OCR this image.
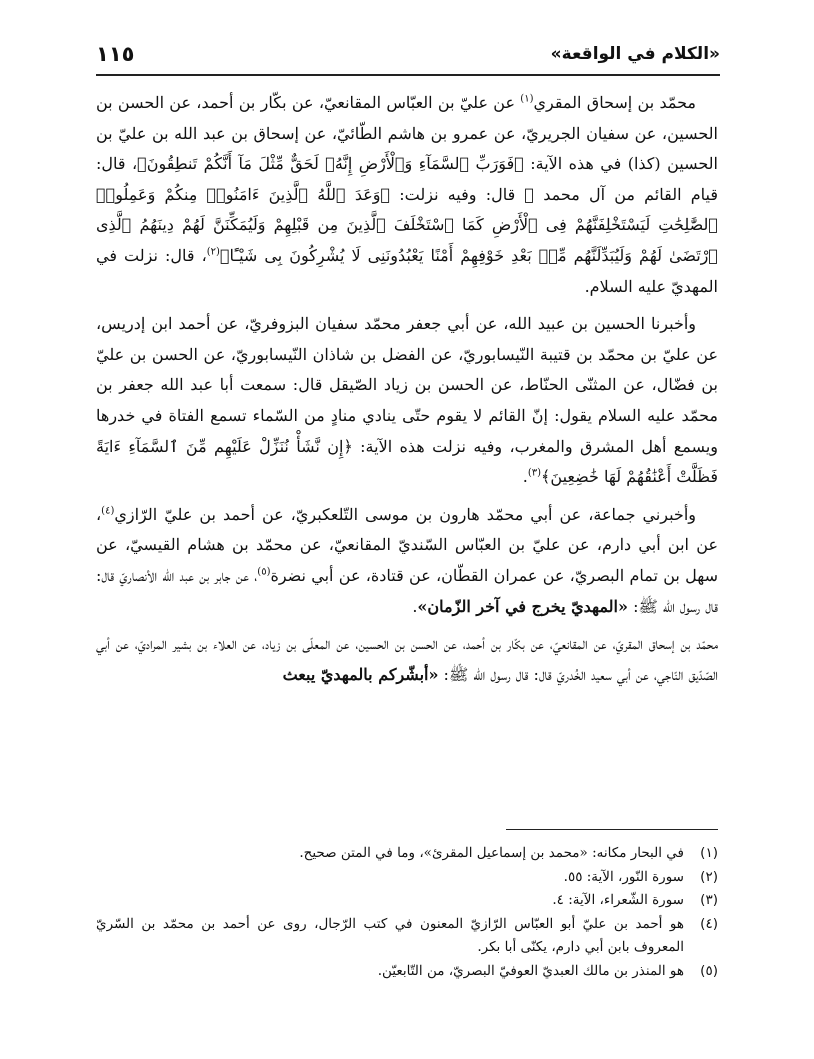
«الكلام في الواقعة»
١١٥

محمّد بن إسحاق المقري$^{(١)}$ عن عليّ بن العبّاس المقانعيّ، عن بكّار بن أحمد، عن الحسن بن الحسين، عن سفيان الجريريّ، عن عمرو بن هاشم الطّائيّ، عن إسحاق بن عبد الله بن عليّ بن الحسين (كذا) في هذه الآية: ﴿فَوَرَبِّ ٱلسَّمَآءِ وَٱلْأَرْضِ إِنَّهُۥ لَحَقٌّ مِّثْلَ مَآ أَنَّكُمْ تَنطِقُونَ﴾، قال: قيام القائم من آل محمد ﷺ قال: وفيه نزلت: ﴿وَعَدَ ٱللَّهُ ٱلَّذِينَ ءَامَنُوا۟ مِنكُمْ وَعَمِلُوا۟ ٱلصَّٰلِحَٰتِ لَيَسْتَخْلِفَنَّهُمْ فِى ٱلْأَرْضِ كَمَا ٱسْتَخْلَفَ ٱلَّذِينَ مِن قَبْلِهِمْ وَلَيُمَكِّنَنَّ لَهُمْ دِينَهُمُ ٱلَّذِى ٱرْتَضَىٰ لَهُمْ وَلَيُبَدِّلَنَّهُم مِّنۢ بَعْدِ خَوْفِهِمْ أَمْنًا يَعْبُدُونَنِى لَا يُشْرِكُونَ بِى شَيْـًٔا﴾$^{(٢)}$، قال: نزلت في المهديّ عليه السلام.

وأخبرنا الحسين بن عبيد الله، عن أبي جعفر محمّد سفيان البزوفريّ، عن أحمد ابن إدريس، عن عليّ بن محمّد بن قتيبة النّيسابوريّ، عن الفضل بن شاذان النّيسابوريّ، عن الحسن بن عليّ بن فضّال، عن المثنّى الحنّاط، عن الحسن بن زياد الصّيقل قال: سمعت أبا عبد الله جعفر بن محمّد عليه السلام يقول: إنّ القائم لا يقوم حتّى ينادي منادٍ من السّماء تسمع الفتاة في خدرها ويسمع أهل المشرق والمغرب، وفيه نزلت هذه الآية: ﴿إِن نَّشَأْ نُنَزِّلْ عَلَيْهِم مِّنَ ٱلسَّمَآءِ ءَايَةً فَظَلَّتْ أَعْنَٰقُهُمْ لَهَا خَٰضِعِينَ﴾$^{(٣)}$.

وأخبرني جماعة، عن أبي محمّد هارون بن موسى التّلعكبريّ، عن أحمد بن عليّ الرّازي$^{(٤)}$، عن ابن أبي دارم، عن عليّ بن العبّاس السّنديّ المقانعيّ، عن محمّد بن هشام القيسيّ، عن سهل بن تمام البصريّ، عن عمران القطّان، عن قتادة، عن أبي نضرة$^{(٥)}$، عن جابر بن عبد الله الأنصاريّ قال: قال رسول الله ﷺ: «المهديّ يخرج في آخر الزّمان».

محمّد بن إسحاق المقريّ، عن المقانعيّ، عن بكّار بن أحمد، عن الحسن بن الحسين، عن المعلّى بن زياد، عن العلاء بن بشير المراديّ، عن أبي الصّدّيق النّاجي، عن أبي سعيد الخُدريّ قال: قال رسول الله ﷺ: «أبشّركم بالمهديّ يبعث

(١)
في البحار مكانه: «محمد بن إسماعيل المقرئ»، وما في المتن صحيح.
(٢)
سورة النّور، الآية: ٥٥.
(٣)
سورة الشّعراء، الآية: ٤.
(٤)
هو أحمد بن عليّ أبو العبّاس الرّازيّ المعنون في كتب الرّجال، روى عن أحمد بن محمّد بن السّريّ المعروف بابن أبي دارم، يكنّى أبا بكر.
(٥)
هو المنذر بن مالك العبديّ العوفيّ البصريّ، من التّابعيّن.
